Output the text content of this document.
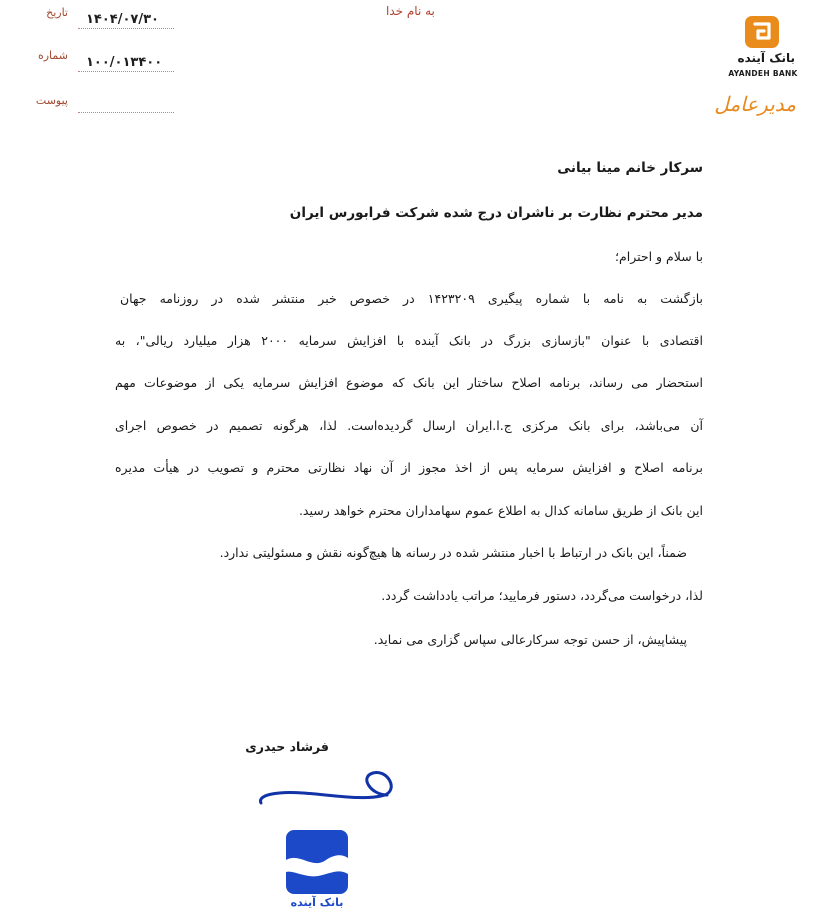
به نام خدا
تاریخ ۱۴۰۴/۰۷/۳۰
شماره ۱۰۰/۰۱۳۴۰۰
پیوست
بانک آینده
AYANDEH BANK
مدیرعامل
سرکار خانم مینا بیانی
مدیر محترم نظارت بر ناشران درج شده شرکت فرابورس ایران
با سلام و احترام؛
بازگشت به نامه با شماره پیگیری ۱۴۲۳۲۰۹ در خصوص خبر منتشر شده در روزنامه جهان
اقتصادی با عنوان "بازسازی بزرگ در بانک آینده با افزایش سرمایه ۲۰۰۰ هزار میلیارد ریالی"، به
استحضار می رساند، برنامه اصلاح ساختار این بانک که موضوع افزایش سرمایه یکی از موضوعات مهم
آن می‌باشد، برای بانک مرکزی ج.ا.ایران ارسال گردیده‌است. لذا، هرگونه تصمیم در خصوص اجرای
برنامه اصلاح و افزایش سرمایه پس از اخذ مجوز از آن نهاد نظارتی محترم و تصویب در هیأت مدیره
این بانک از طریق سامانه کدال به اطلاع عموم سهامداران محترم خواهد رسید.
ضمناً، این بانک در ارتباط با اخبار منتشر شده در رسانه ها هیچ‌گونه نقش و مسئولیتی ندارد.
لذا، درخواست می‌گردد، دستور فرمایید؛ مراتب یادداشت گردد.
پیشاپیش، از حسن توجه سرکارعالی سپاس گزاری می نماید.
فرشاد حیدری
بانک آینده
